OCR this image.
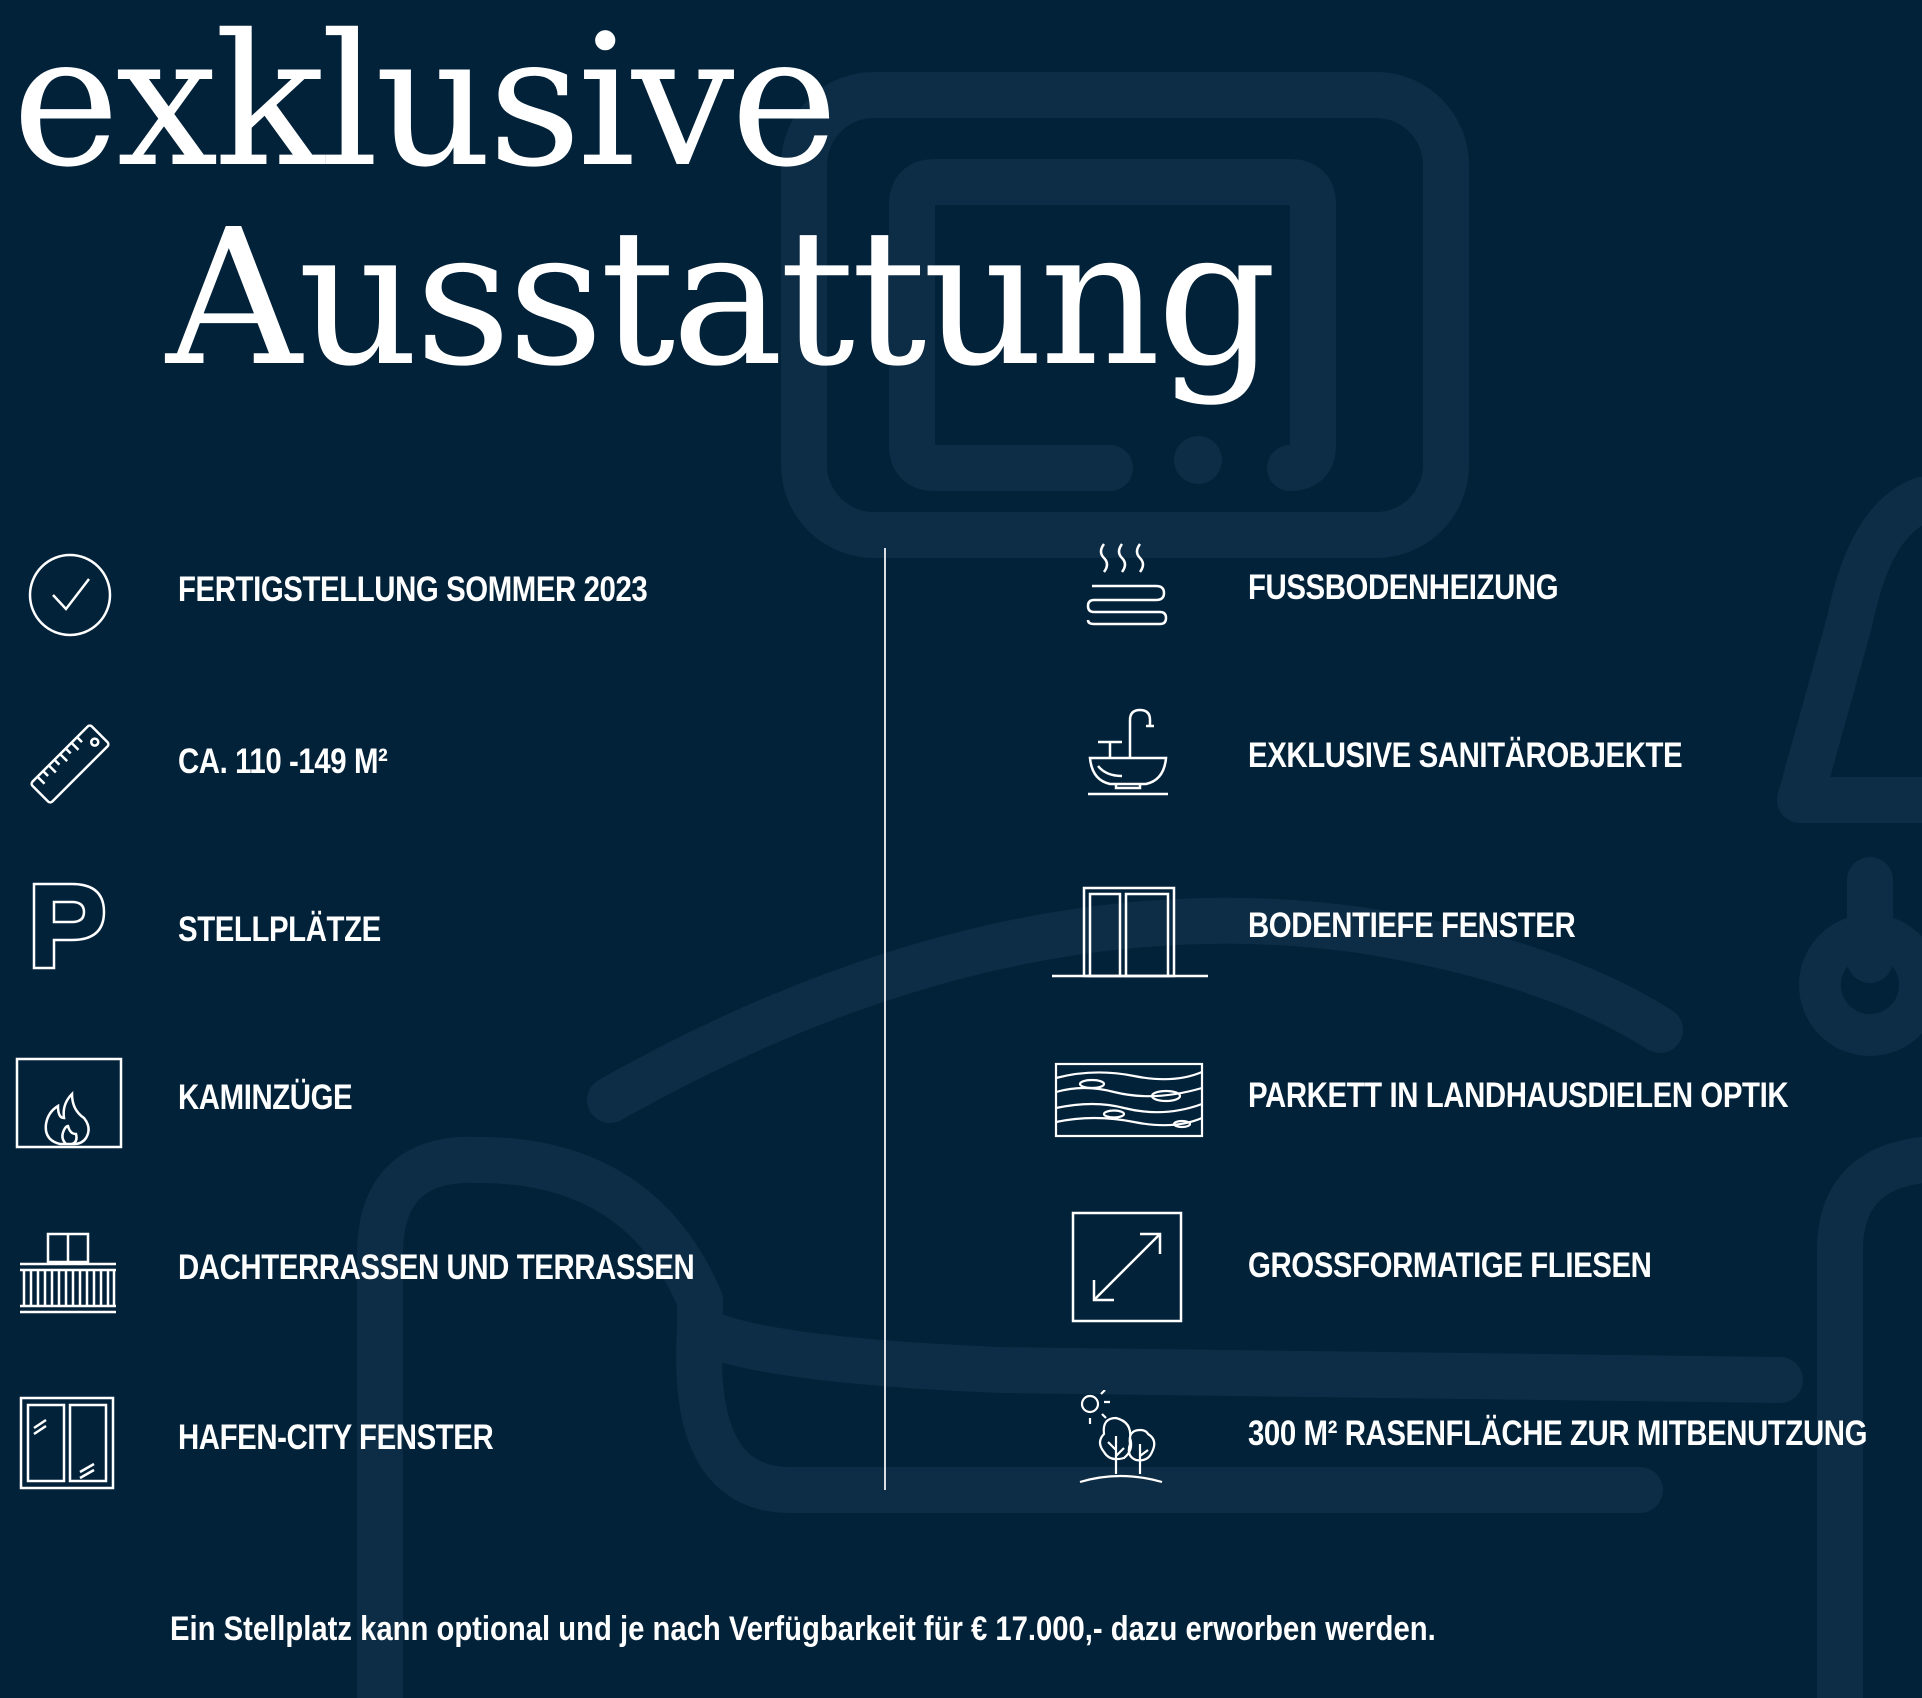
exklusive
Ausstattung
FERTIGSTELLUNG SOMMER 2023
CA. 110 -149 M²
STELLPLÄTZE
KAMINZÜGE
DACHTERRASSEN UND TERRASSEN
HAFEN-CITY FENSTER
FUSSBODENHEIZUNG
EXKLUSIVE SANITÄROBJEKTE
BODENTIEFE FENSTER
PARKETT IN LANDHAUSDIELEN OPTIK
GROSSFORMATIGE FLIESEN
300 M² RASENFLÄCHE ZUR MITBENUTZUNG
Ein Stellplatz kann optional und je nach Verfügbarkeit für € 17.000,- dazu erworben werden.
